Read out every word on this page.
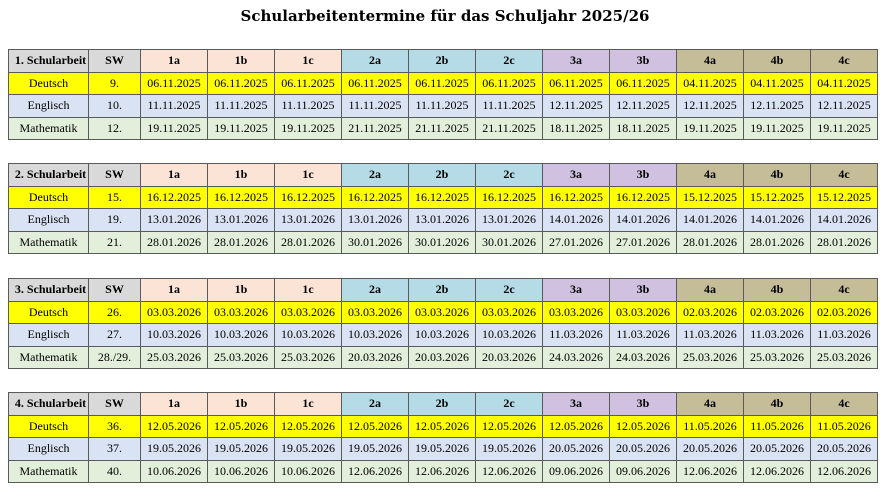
Schularbeitentermine für das Schuljahr 2025/26
1. Schularbeit	SW	1a	1b	1c	2a	2b	2c	3a	3b	4a	4b	4c
Deutsch	9.	06.11.2025	06.11.2025	06.11.2025	06.11.2025	06.11.2025	06.11.2025	06.11.2025	06.11.2025	04.11.2025	04.11.2025	04.11.2025
Englisch	10.	11.11.2025	11.11.2025	11.11.2025	11.11.2025	11.11.2025	11.11.2025	12.11.2025	12.11.2025	12.11.2025	12.11.2025	12.11.2025
Mathematik	12.	19.11.2025	19.11.2025	19.11.2025	21.11.2025	21.11.2025	21.11.2025	18.11.2025	18.11.2025	19.11.2025	19.11.2025	19.11.2025
2. Schularbeit	SW	1a	1b	1c	2a	2b	2c	3a	3b	4a	4b	4c
Deutsch	15.	16.12.2025	16.12.2025	16.12.2025	16.12.2025	16.12.2025	16.12.2025	16.12.2025	16.12.2025	15.12.2025	15.12.2025	15.12.2025
Englisch	19.	13.01.2026	13.01.2026	13.01.2026	13.01.2026	13.01.2026	13.01.2026	14.01.2026	14.01.2026	14.01.2026	14.01.2026	14.01.2026
Mathematik	21.	28.01.2026	28.01.2026	28.01.2026	30.01.2026	30.01.2026	30.01.2026	27.01.2026	27.01.2026	28.01.2026	28.01.2026	28.01.2026
3. Schularbeit	SW	1a	1b	1c	2a	2b	2c	3a	3b	4a	4b	4c
Deutsch	26.	03.03.2026	03.03.2026	03.03.2026	03.03.2026	03.03.2026	03.03.2026	03.03.2026	03.03.2026	02.03.2026	02.03.2026	02.03.2026
Englisch	27.	10.03.2026	10.03.2026	10.03.2026	10.03.2026	10.03.2026	10.03.2026	11.03.2026	11.03.2026	11.03.2026	11.03.2026	11.03.2026
Mathematik	28./29.	25.03.2026	25.03.2026	25.03.2026	20.03.2026	20.03.2026	20.03.2026	24.03.2026	24.03.2026	25.03.2026	25.03.2026	25.03.2026
4. Schularbeit	SW	1a	1b	1c	2a	2b	2c	3a	3b	4a	4b	4c
Deutsch	36.	12.05.2026	12.05.2026	12.05.2026	12.05.2026	12.05.2026	12.05.2026	12.05.2026	12.05.2026	11.05.2026	11.05.2026	11.05.2026
Englisch	37.	19.05.2026	19.05.2026	19.05.2026	19.05.2026	19.05.2026	19.05.2026	20.05.2026	20.05.2026	20.05.2026	20.05.2026	20.05.2026
Mathematik	40.	10.06.2026	10.06.2026	10.06.2026	12.06.2026	12.06.2026	12.06.2026	09.06.2026	09.06.2026	12.06.2026	12.06.2026	12.06.2026
